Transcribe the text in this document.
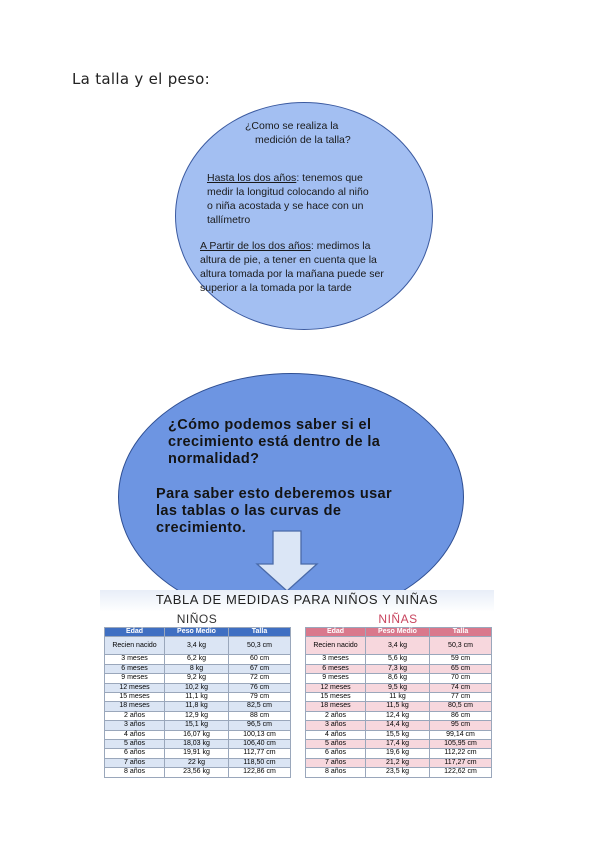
La talla y el peso:
¿Como se realiza la
medición de la talla?
Hasta los dos años: tenemos que
medir la longitud colocando al niño
o niña acostada y se hace con un
tallímetro
A Partir de los dos años: medimos la
altura de pie, a tener en cuenta que la
altura tomada por la mañana puede ser
superior a la tomada por la tarde
¿Cómo podemos saber si el
crecimiento está dentro de la
normalidad?
Para saber esto deberemos usar
las tablas o las curvas de
crecimiento.
TABLA DE MEDIDAS PARA NIÑOS Y NIÑAS
NIÑOS	NIÑAS
Edad	Peso Medio	Talla
Recien nacido	3,4 kg	50,3 cm
3 meses	6,2 kg	60 cm
6 meses	8 kg	67 cm
9 meses	9,2 kg	72 cm
12 meses	10,2 kg	76 cm
15 meses	11,1 kg	79 cm
18 meses	11,8 kg	82,5 cm
2 años	12,9 kg	88 cm
3 años	15,1 kg	96,5 cm
4 años	16,07 kg	100,13 cm
5 años	18,03 kg	106,40 cm
6 años	19,91 kg	112,77 cm
7 años	22 kg	118,50 cm
8 años	23,56 kg	122,86 cm
Edad	Peso Medio	Talla
Recien nacido	3,4 kg	50,3 cm
3 meses	5,6 kg	59 cm
6 meses	7,3 kg	65 cm
9 meses	8,6 kg	70 cm
12 meses	9,5 kg	74 cm
15 meses	11 kg	77 cm
18 meses	11,5 kg	80,5 cm
2 años	12,4 kg	86 cm
3 años	14,4 kg	95 cm
4 años	15,5 kg	99,14 cm
5 años	17,4 kg	105,95 cm
6 años	19,6 kg	112,22 cm
7 años	21,2 kg	117,27 cm
8 años	23,5 kg	122,62 cm
